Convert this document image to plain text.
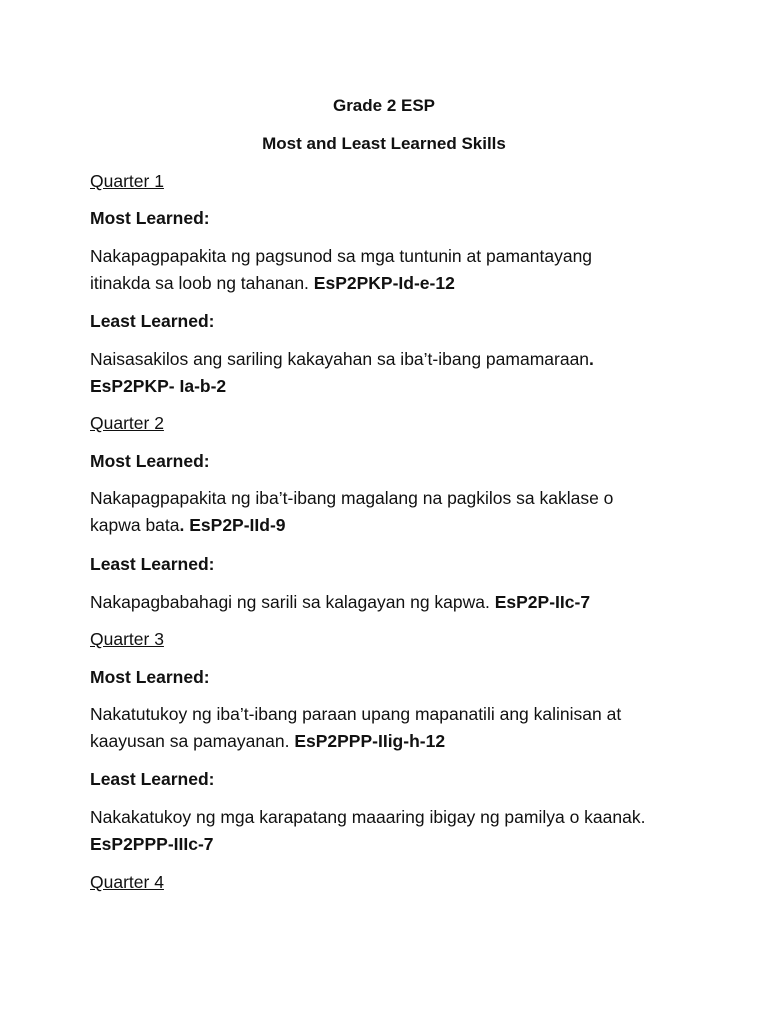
Grade 2 ESP
Most and Least Learned Skills
Quarter 1
Most Learned:
Nakapagpapakita ng pagsunod sa mga tuntunin at pamantayang
itinakda sa loob ng tahanan. EsP2PKP-Id-e-12
Least Learned:
Naisasakilos ang sariling kakayahan sa iba’t-ibang pamamaraan.
EsP2PKP- Ia-b-2
Quarter 2
Most Learned:
Nakapagpapakita ng iba’t-ibang magalang na pagkilos sa kaklase o
kapwa bata. EsP2P-IId-9
Least Learned:
Nakapagbabahagi ng sarili sa kalagayan ng kapwa. EsP2P-IIc-7
Quarter 3
Most Learned:
Nakatutukoy ng iba’t-ibang paraan upang mapanatili ang kalinisan at
kaayusan sa pamayanan. EsP2PPP-IIig-h-12
Least Learned:
Nakakatukoy ng mga karapatang maaaring ibigay ng pamilya o kaanak.
EsP2PPP-IIIc-7
Quarter 4
